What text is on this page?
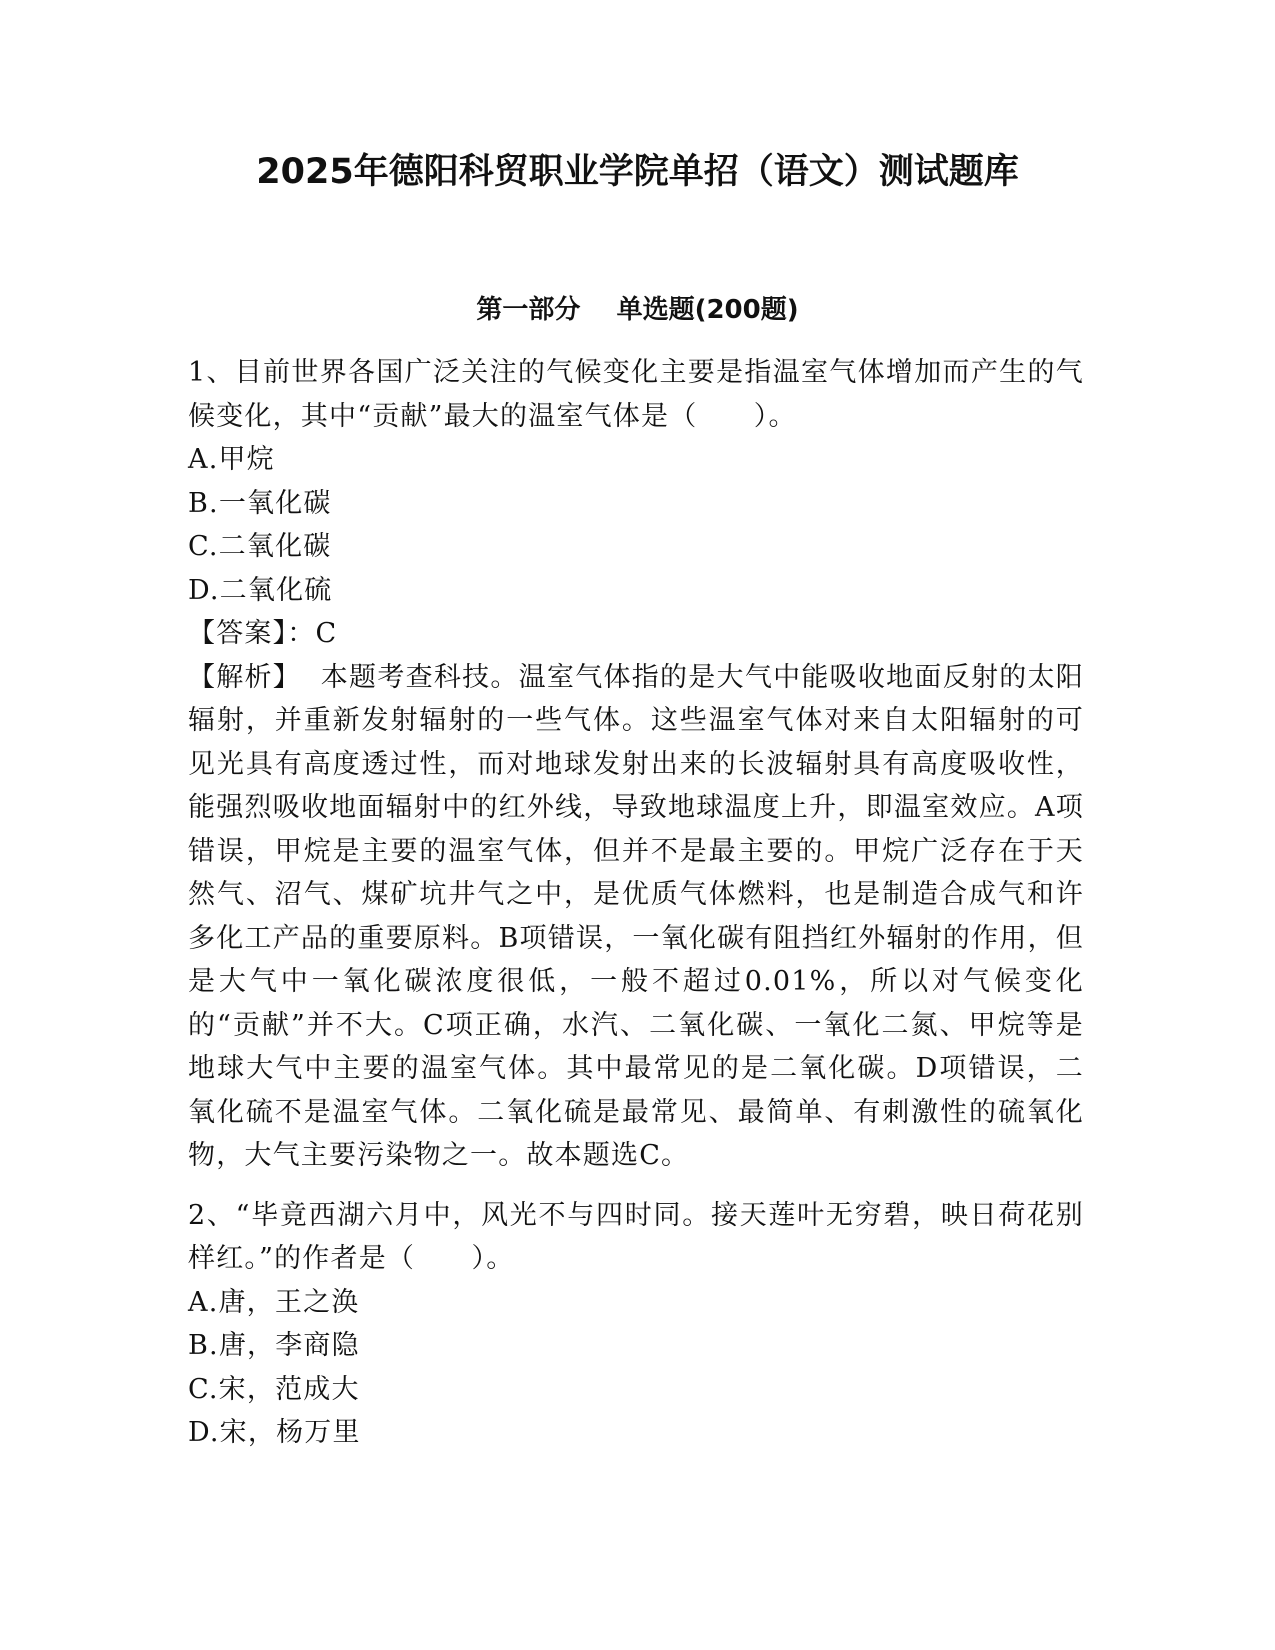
2025年德阳科贸职业学院单招（语文）测试题库
第一部分    单选题(200题)

1、目前世界各国广泛关注的气候变化主要是指温室气体增加而产生的气候变化，其中“贡献”最大的温室气体是（　　）。

A.甲烷

B.一氧化碳

C.二氧化碳

D.二氧化硫

【答案】：C

【解析】  本题考查科技。温室气体指的是大气中能吸收地面反射的太阳辐射，并重新发射辐射的一些气体。这些温室气体对来自太阳辐射的可见光具有高度透过性，而对地球发射出来的长波辐射具有高度吸收性，能强烈吸收地面辐射中的红外线，导致地球温度上升，即温室效应。A项错误，甲烷是主要的温室气体，但并不是最主要的。甲烷广泛存在于天然气、沼气、煤矿坑井气之中，是优质气体燃料，也是制造合成气和许多化工产品的重要原料。B项错误，一氧化碳有阻挡红外辐射的作用，但是大气中一氧化碳浓度很低，一般不超过0.01%，所以对气候变化的“贡献”并不大。C项正确，水汽、二氧化碳、一氧化二氮、甲烷等是地球大气中主要的温室气体。其中最常见的是二氧化碳。D项错误，二氧化硫不是温室气体。二氧化硫是最常见、最简单、有刺激性的硫氧化物，大气主要污染物之一。故本题选C。

2、“毕竟西湖六月中，风光不与四时同。接天莲叶无穷碧，映日荷花别样红。”的作者是（　　）。

A.唐，王之涣

B.唐，李商隐

C.宋，范成大

D.宋，杨万里
